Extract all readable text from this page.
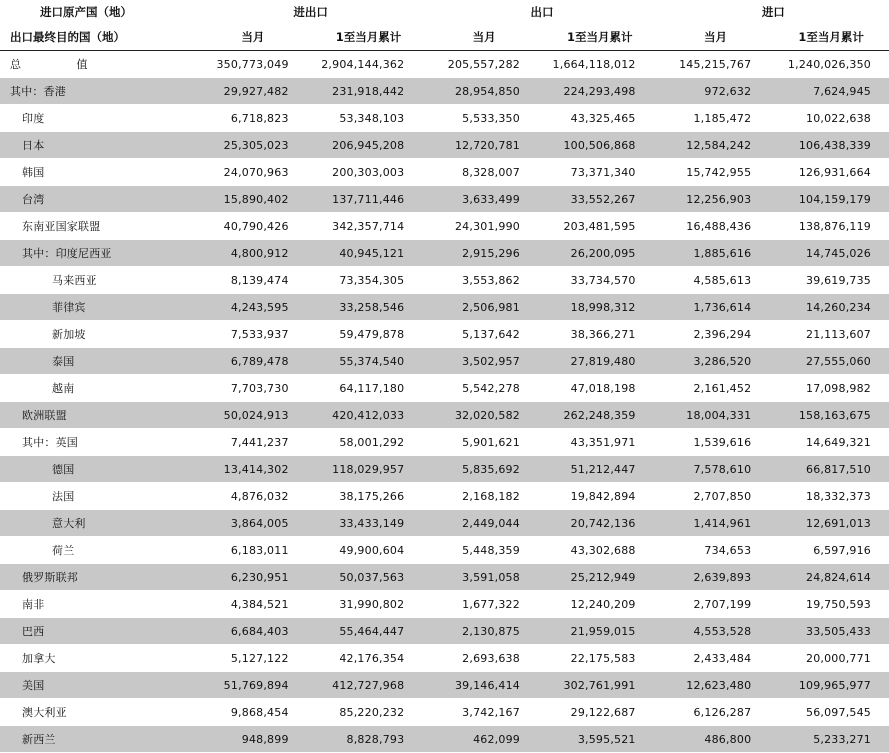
进口原产国（地）	进出口		出口		进口	
出口最终目的国（地）	当月	1至当月累计	当月	1至当月累计	当月	1至当月累计
总 值	350,773,049	2,904,144,362	205,557,282	1,664,118,012	145,215,767	1,240,026,350
其中：香港	29,927,482	231,918,442	28,954,850	224,293,498	972,632	7,624,945
印度	6,718,823	53,348,103	5,533,350	43,325,465	1,185,472	10,022,638
日本	25,305,023	206,945,208	12,720,781	100,506,868	12,584,242	106,438,339
韩国	24,070,963	200,303,003	8,328,007	73,371,340	15,742,955	126,931,664
台湾	15,890,402	137,711,446	3,633,499	33,552,267	12,256,903	104,159,179
东南亚国家联盟	40,790,426	342,357,714	24,301,990	203,481,595	16,488,436	138,876,119
其中：印度尼西亚	4,800,912	40,945,121	2,915,296	26,200,095	1,885,616	14,745,026
马来西亚	8,139,474	73,354,305	3,553,862	33,734,570	4,585,613	39,619,735
菲律宾	4,243,595	33,258,546	2,506,981	18,998,312	1,736,614	14,260,234
新加坡	7,533,937	59,479,878	5,137,642	38,366,271	2,396,294	21,113,607
泰国	6,789,478	55,374,540	3,502,957	27,819,480	3,286,520	27,555,060
越南	7,703,730	64,117,180	5,542,278	47,018,198	2,161,452	17,098,982
欧洲联盟	50,024,913	420,412,033	32,020,582	262,248,359	18,004,331	158,163,675
其中：英国	7,441,237	58,001,292	5,901,621	43,351,971	1,539,616	14,649,321
德国	13,414,302	118,029,957	5,835,692	51,212,447	7,578,610	66,817,510
法国	4,876,032	38,175,266	2,168,182	19,842,894	2,707,850	18,332,373
意大利	3,864,005	33,433,149	2,449,044	20,742,136	1,414,961	12,691,013
荷兰	6,183,011	49,900,604	5,448,359	43,302,688	734,653	6,597,916
俄罗斯联邦	6,230,951	50,037,563	3,591,058	25,212,949	2,639,893	24,824,614
南非	4,384,521	31,990,802	1,677,322	12,240,209	2,707,199	19,750,593
巴西	6,684,403	55,464,447	2,130,875	21,959,015	4,553,528	33,505,433
加拿大	5,127,122	42,176,354	2,693,638	22,175,583	2,433,484	20,000,771
美国	51,769,894	412,727,968	39,146,414	302,761,991	12,623,480	109,965,977
澳大利亚	9,868,454	85,220,232	3,742,167	29,122,687	6,126,287	56,097,545
新西兰	948,899	8,828,793	462,099	3,595,521	486,800	5,233,271
